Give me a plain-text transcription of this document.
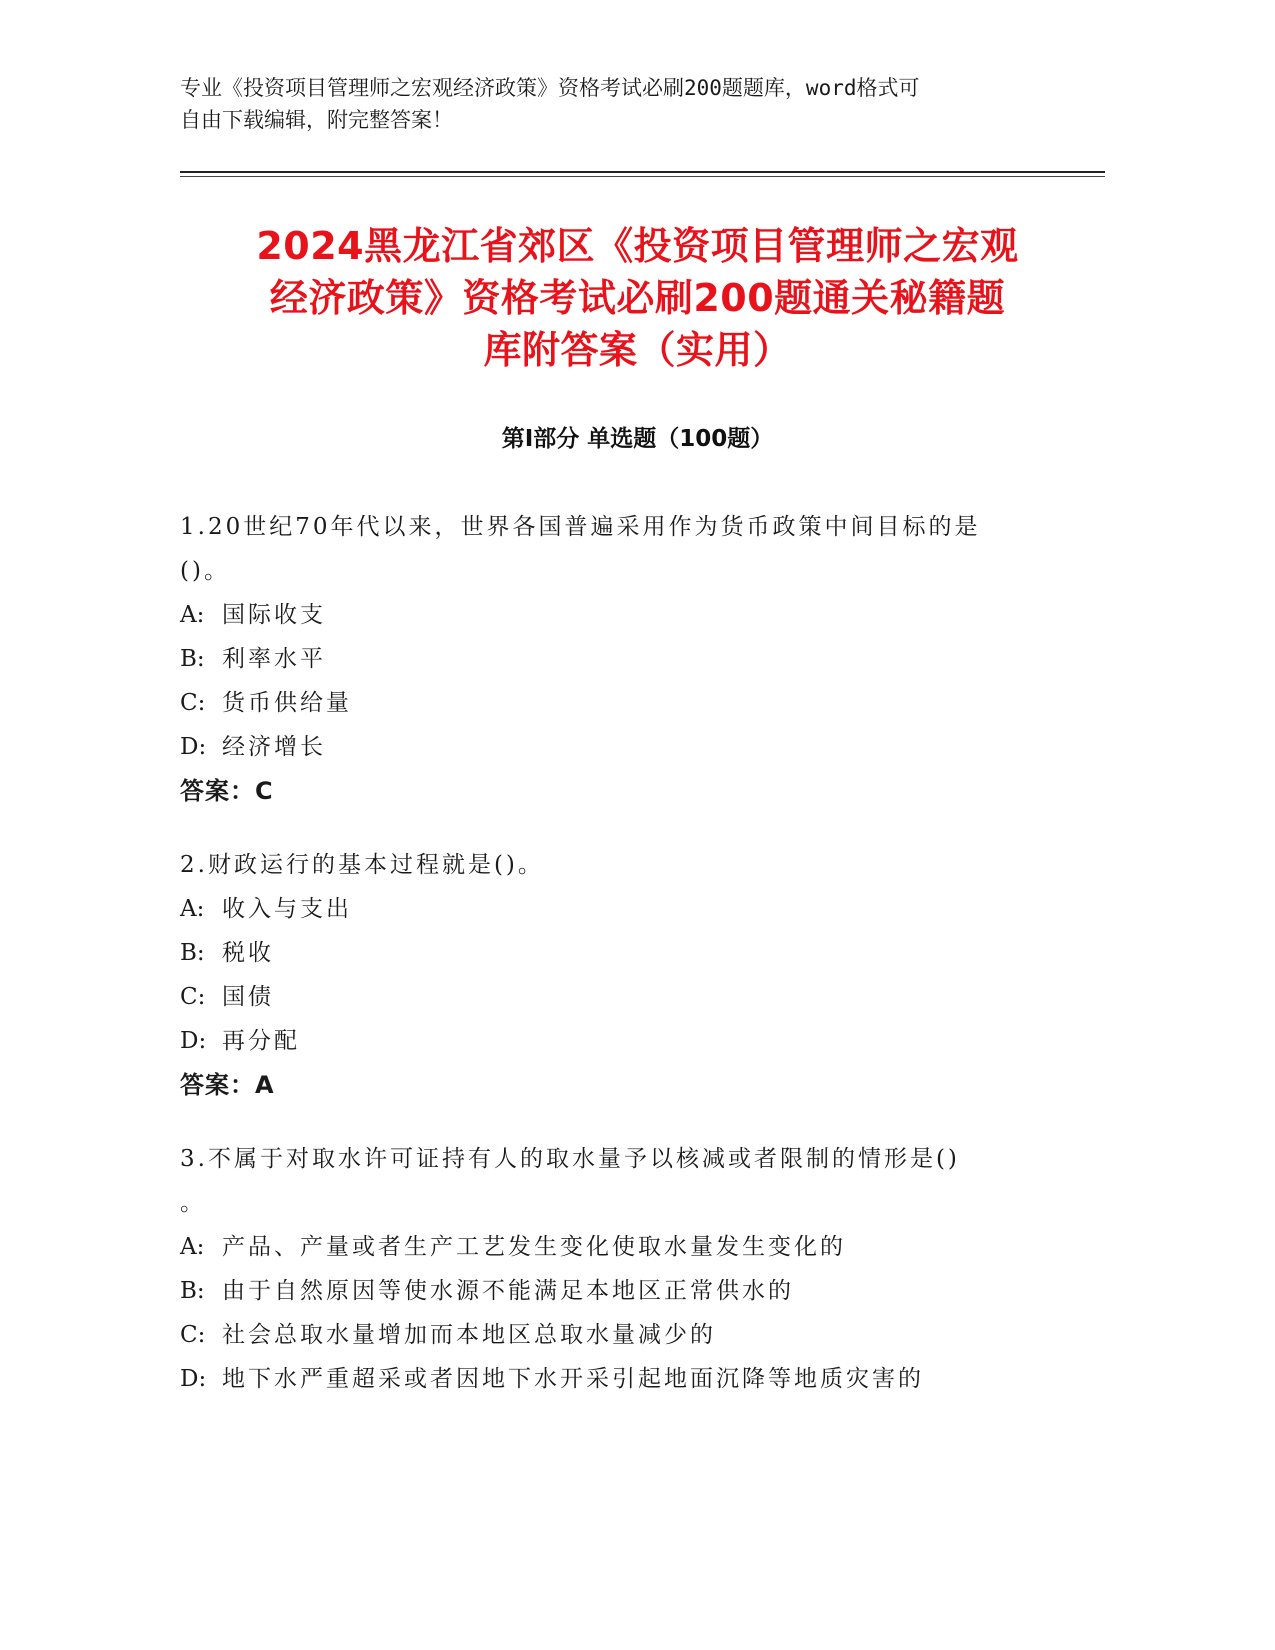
专业《投资项目管理师之宏观经济政策》资格考试必刷200题题库，word格式可
自由下载编辑，附完整答案！
2024黑龙江省郊区《投资项目管理师之宏观
经济政策》资格考试必刷200题通关秘籍题
库附答案（实用）
第Ⅰ部分 单选题（100题）
1.20世纪70年代以来，世界各国普遍采用作为货币政策中间目标的是
()。
A: 国际收支
B: 利率水平
C: 货币供给量
D: 经济增长
答案：C
2.财政运行的基本过程就是()。
A: 收入与支出
B: 税收
C: 国债
D: 再分配
答案：A
3.不属于对取水许可证持有人的取水量予以核减或者限制的情形是()
。
A: 产品、产量或者生产工艺发生变化使取水量发生变化的
B: 由于自然原因等使水源不能满足本地区正常供水的
C: 社会总取水量增加而本地区总取水量减少的
D: 地下水严重超采或者因地下水开采引起地面沉降等地质灾害的
